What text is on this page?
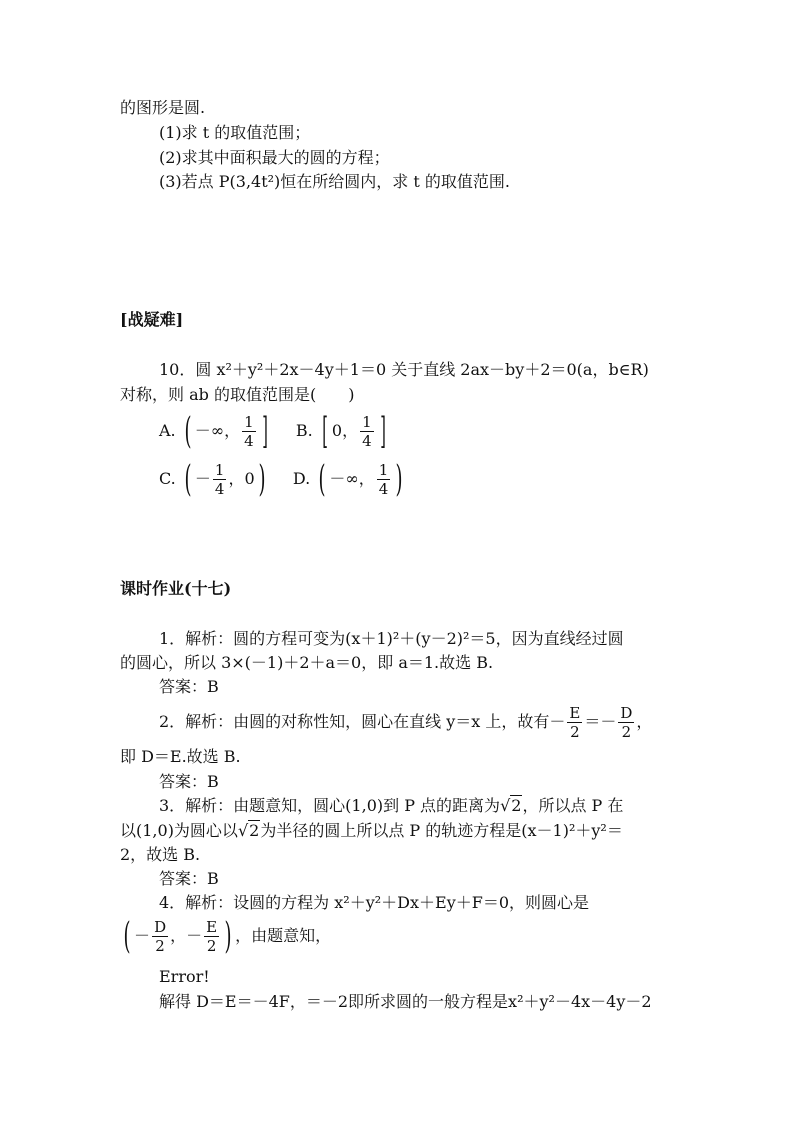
的图形是圆.
(1)求 t 的取值范围；
(2)求其中面积最大的圆的方程；
(3)若点 P(3,4t²)恒在所给圆内，求 t 的取值范围.
[战疑难]
10．圆 x²＋y²＋2x－4y＋1＝0 关于直线 2ax－by＋2＝0(a，b∈R)
对称，则 ab 的取值范围是(　　)
A. ( －∞， $\frac{1}{4}$ ] B. [ 0， $\frac{1}{4}$ ]
C. ( － $\frac{1}{4}$ ，0) D. ( －∞， $\frac{1}{4}$ )
课时作业(十七)
1．解析：圆的方程可变为(x＋1)²＋(y－2)²＝5，因为直线经过圆
的圆心，所以 3×(－1)＋2＋a＝0，即 a＝1.故选 B.
答案：B
2．解析：由圆的对称性知，圆心在直线 y＝x 上，故有－ $\frac{E}{2} =- \frac{D}{2}$ ，
即 D＝E.故选 B.
答案：B
3．解析：由题意知，圆心(1,0)到 P 点的距离为√2，所以点 P 在
以(1,0)为圆心以√2为半径的圆上所以点 P 的轨迹方程是(x－1)²＋y²＝
2，故选 B.
答案：B
4．解析：设圆的方程为 x²＋y²＋Dx＋Ey＋F＝0，则圆心是
( － $\frac{D}{2}$ ，－ $\frac{E}{2}$ ) ，由题意知，
Error!
解得 D＝E＝－4F，＝－2即所求圆的一般方程是x²＋y²－4x－4y－2
